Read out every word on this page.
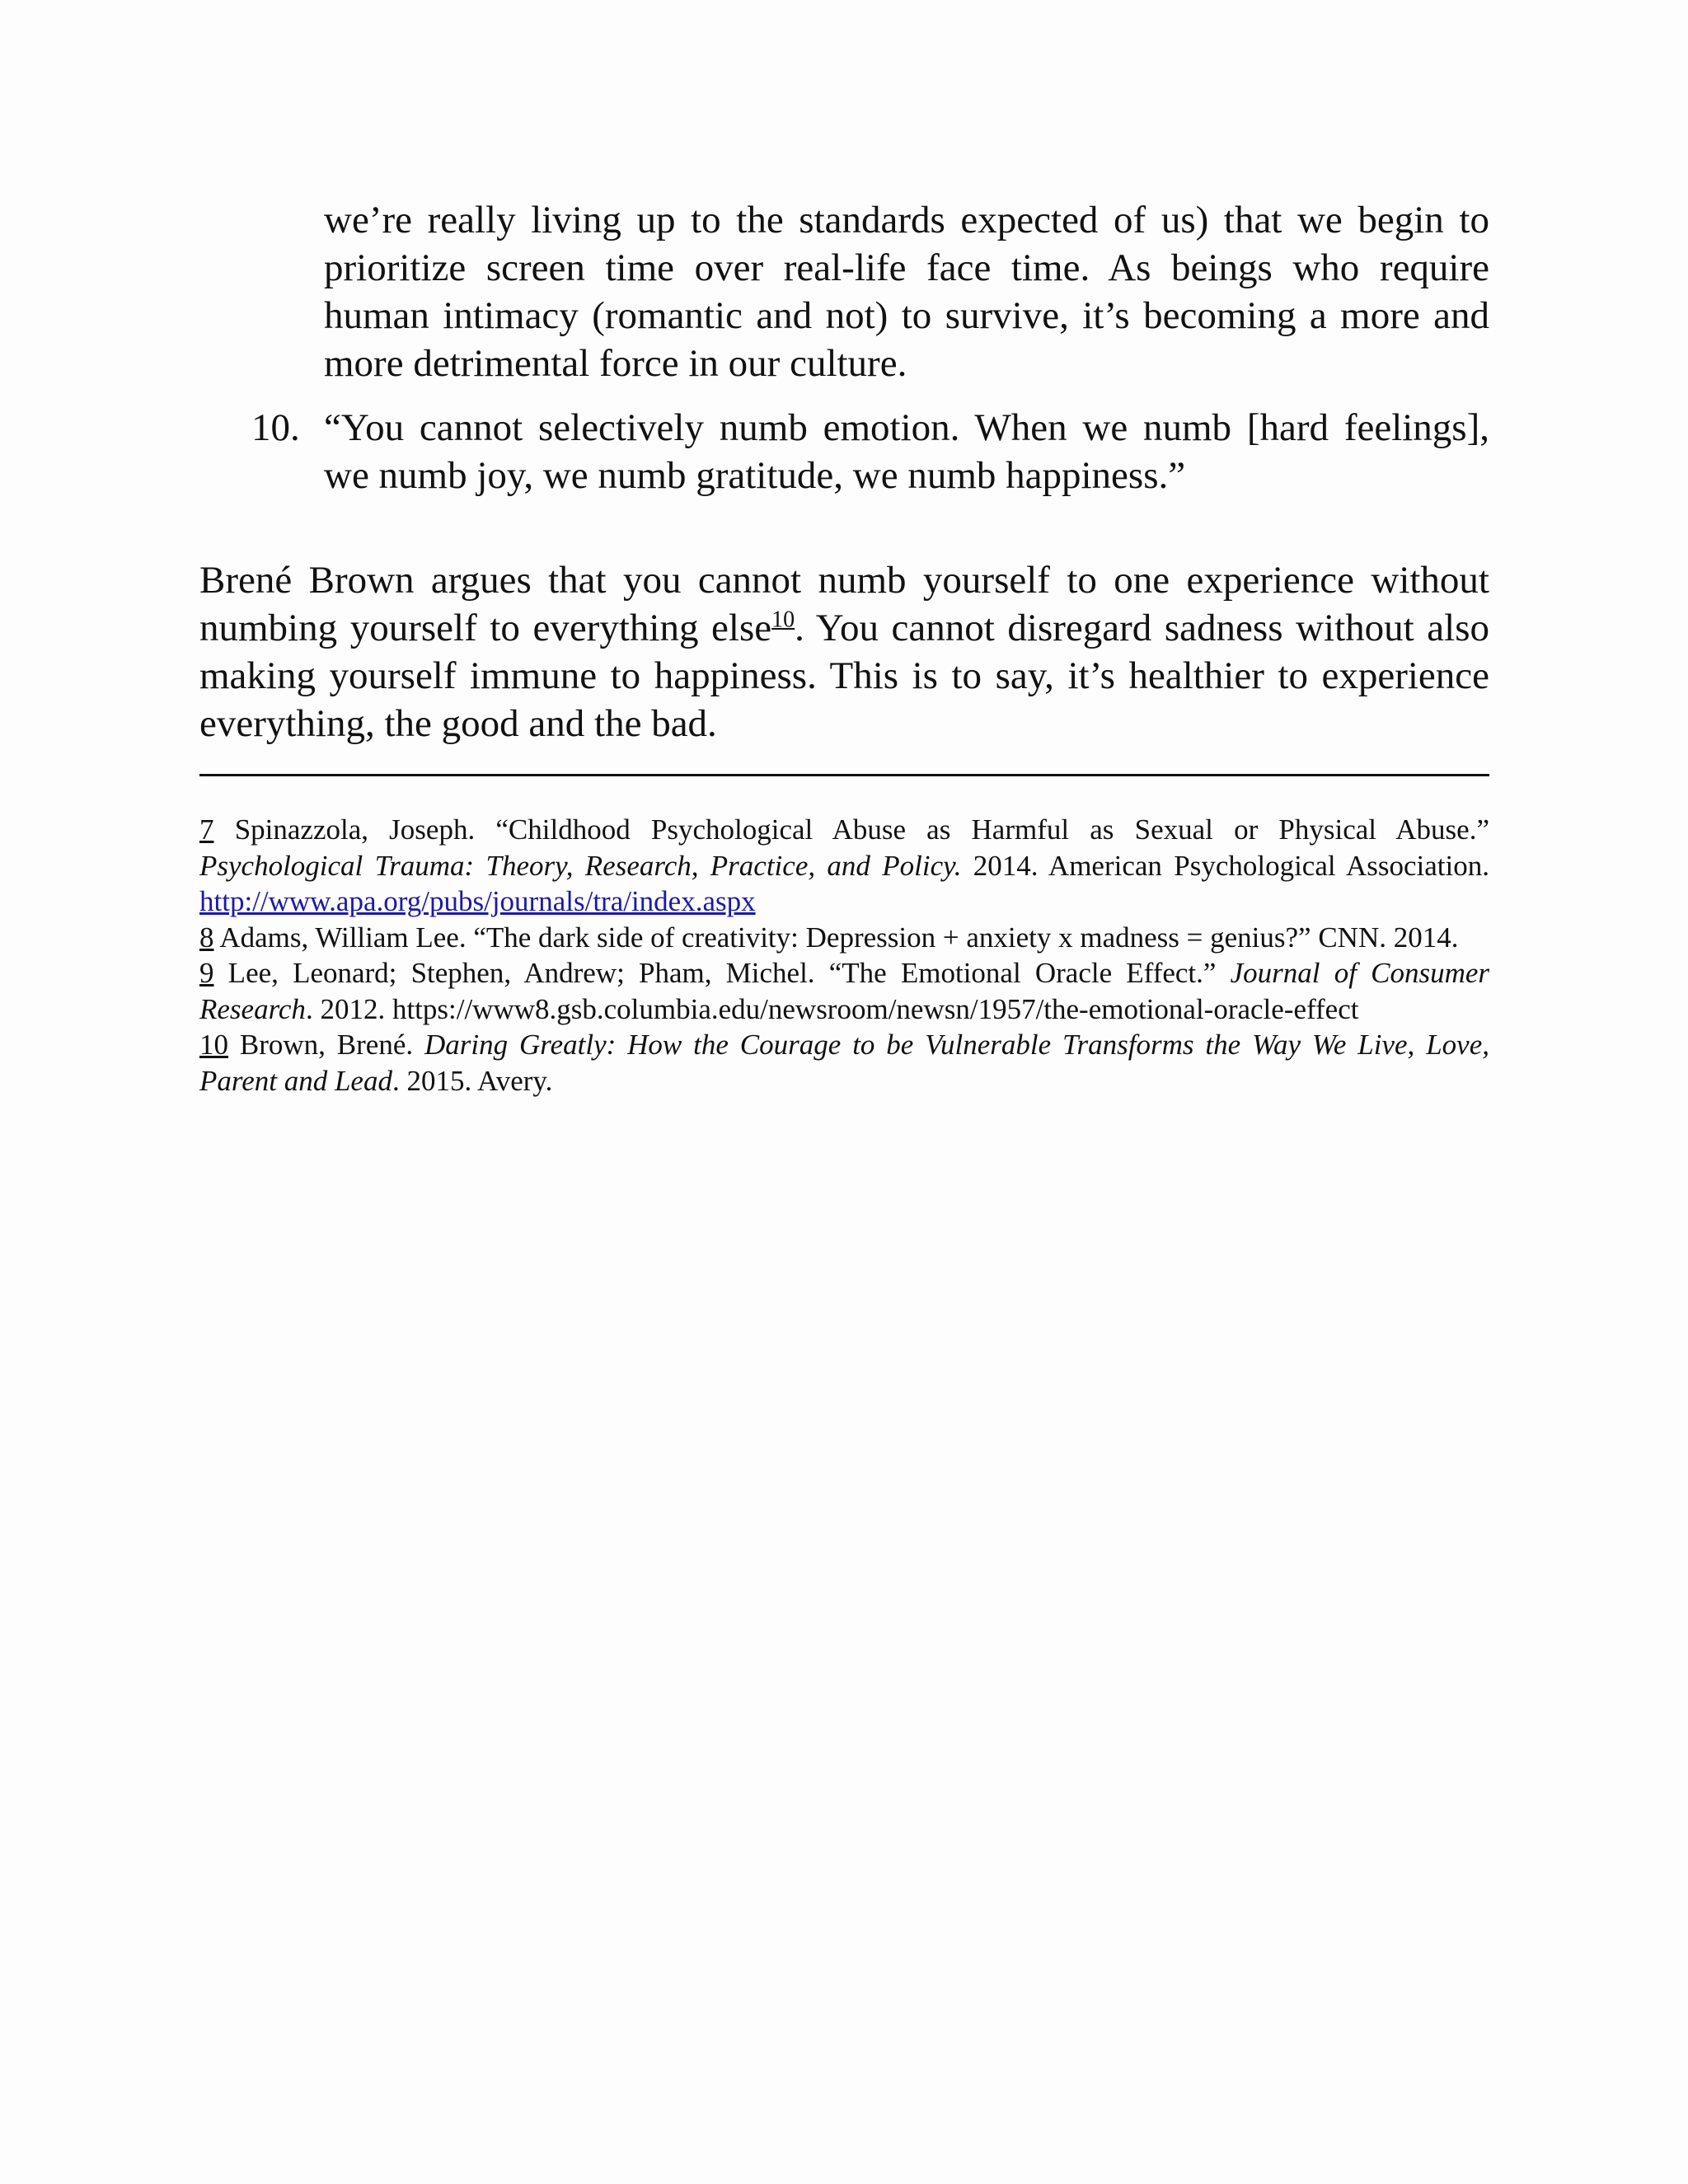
we’re really living up to the standards expected of us) that we begin to prioritize screen time over real-life face time. As beings who require human intimacy (romantic and not) to survive, it’s becoming a more and more detrimental force in our culture.
10. “You cannot selectively numb emotion. When we numb [hard feelings], we numb joy, we numb gratitude, we numb happiness.”
Brené Brown argues that you cannot numb yourself to one experience without numbing yourself to everything else$^{10}$. You cannot disregard sadness without also making yourself immune to happiness. This is to say, it’s healthier to experience everything, the good and the bad.

7 Spinazzola, Joseph. “Childhood Psychological Abuse as Harmful as Sexual or Physical Abuse.” Psychological Trauma: Theory, Research, Practice, and Policy. 2014. American Psychological Association. http://www.apa.org/pubs/journals/tra/index.aspx

8 Adams, William Lee. “The dark side of creativity: Depression + anxiety x madness = genius?” CNN. 2014.

9 Lee, Leonard; Stephen, Andrew; Pham, Michel. “The Emotional Oracle Effect.” Journal of Consumer Research. 2012. https://www8.gsb.columbia.edu/newsroom/newsn/1957/the-emotional-oracle-effect

10 Brown, Brené. Daring Greatly: How the Courage to be Vulnerable Transforms the Way We Live, Love, Parent and Lead. 2015. Avery.
